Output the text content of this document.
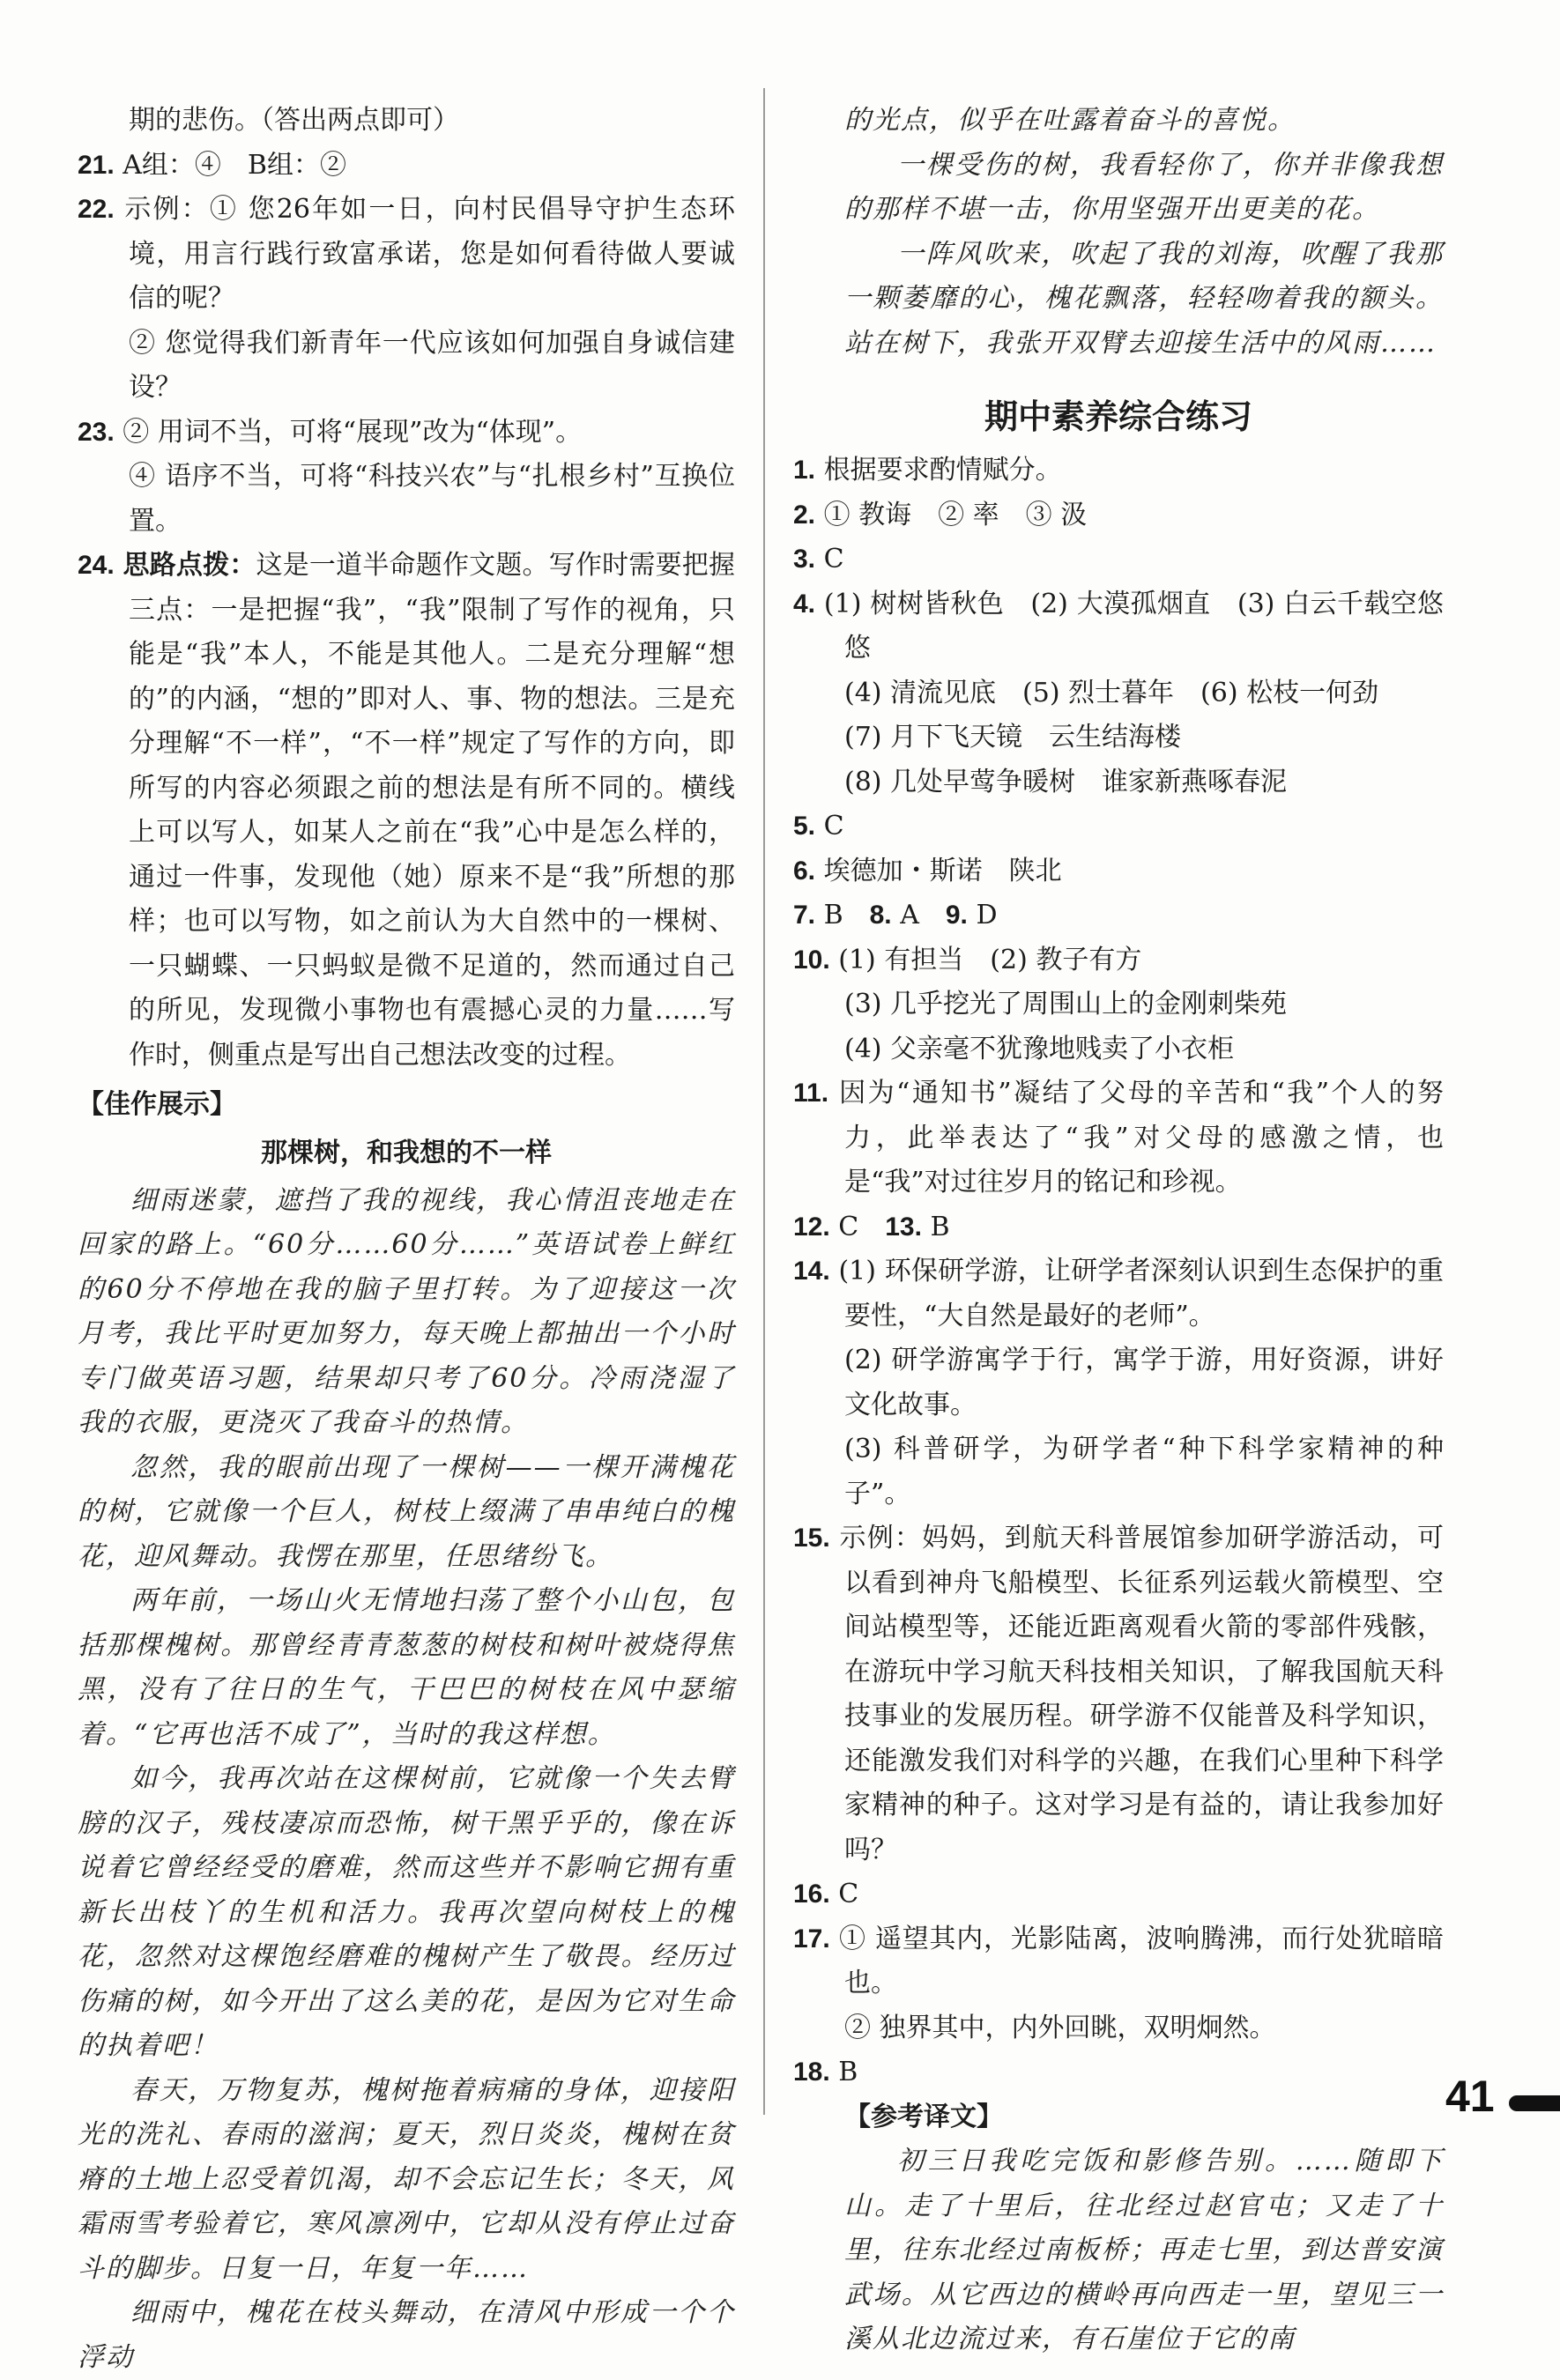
期的悲伤。（答出两点即可）

21. A组：④　B组：②

22. 示例：① 您26年如一日，向村民倡导守护生态环境，用言行践行致富承诺，您是如何看待做人要诚信的呢？

② 您觉得我们新青年一代应该如何加强自身诚信建设？

23. ② 用词不当，可将“展现”改为“体现”。

④ 语序不当，可将“科技兴农”与“扎根乡村”互换位置。

24. 思路点拨：这是一道半命题作文题。写作时需要把握三点：一是把握“我”，“我”限制了写作的视角，只能是“我”本人，不能是其他人。二是充分理解“想的”的内涵，“想的”即对人、事、物的想法。三是充分理解“不一样”，“不一样”规定了写作的方向，即所写的内容必须跟之前的想法是有所不同的。横线上可以写人，如某人之前在“我”心中是怎么样的，通过一件事，发现他（她）原来不是“我”所想的那样；也可以写物，如之前认为大自然中的一棵树、一只蝴蝶、一只蚂蚁是微不足道的，然而通过自己的所见，发现微小事物也有震撼心灵的力量……写作时，侧重点是写出自己想法改变的过程。

【佳作展示】

那棵树，和我想的不一样

细雨迷蒙，遮挡了我的视线，我心情沮丧地走在回家的路上。“60分……60分……”英语试卷上鲜红的60分不停地在我的脑子里打转。为了迎接这一次月考，我比平时更加努力，每天晚上都抽出一个小时专门做英语习题，结果却只考了60分。冷雨浇湿了我的衣服，更浇灭了我奋斗的热情。

忽然，我的眼前出现了一棵树——一棵开满槐花的树，它就像一个巨人，树枝上缀满了串串纯白的槐花，迎风舞动。我愣在那里，任思绪纷飞。

两年前，一场山火无情地扫荡了整个小山包，包括那棵槐树。那曾经青青葱葱的树枝和树叶被烧得焦黑，没有了往日的生气，干巴巴的树枝在风中瑟缩着。“它再也活不成了”，当时的我这样想。

如今，我再次站在这棵树前，它就像一个失去臂膀的汉子，残枝凄凉而恐怖，树干黑乎乎的，像在诉说着它曾经经受的磨难，然而这些并不影响它拥有重新长出枝丫的生机和活力。我再次望向树枝上的槐花，忽然对这棵饱经磨难的槐树产生了敬畏。经历过伤痛的树，如今开出了这么美的花，是因为它对生命的执着吧！

春天，万物复苏，槐树拖着病痛的身体，迎接阳光的洗礼、春雨的滋润；夏天，烈日炎炎，槐树在贫瘠的土地上忍受着饥渴，却不会忘记生长；冬天，风霜雨雪考验着它，寒风凛冽中，它却从没有停止过奋斗的脚步。日复一日，年复一年……

细雨中，槐花在枝头舞动，在清风中形成一个个浮动

的光点，似乎在吐露着奋斗的喜悦。

一棵受伤的树，我看轻你了，你并非像我想的那样不堪一击，你用坚强开出更美的花。

一阵风吹来，吹起了我的刘海，吹醒了我那一颗萎靡的心，槐花飘落，轻轻吻着我的额头。站在树下，我张开双臂去迎接生活中的风雨……

期中素养综合练习

1. 根据要求酌情赋分。

2. ① 教诲　② 率　③ 汲

3. C

4. (1) 树树皆秋色　(2) 大漠孤烟直　(3) 白云千载空悠悠

(4) 清流见底　(5) 烈士暮年　(6) 松枝一何劲

(7) 月下飞天镜　云生结海楼

(8) 几处早莺争暖树　谁家新燕啄春泥

5. C

6. 埃德加・斯诺　陕北

7. B　 8. A　 9. D

10. (1) 有担当　(2) 教子有方

(3) 几乎挖光了周围山上的金刚刺柴苑

(4) 父亲毫不犹豫地贱卖了小衣柜

11. 因为“通知书”凝结了父母的辛苦和“我”个人的努力，此举表达了“我”对父母的感激之情，也是“我”对过往岁月的铭记和珍视。

12. C　 13. B

14. (1) 环保研学游，让研学者深刻认识到生态保护的重要性，“大自然是最好的老师”。

(2) 研学游寓学于行，寓学于游，用好资源，讲好文化故事。

(3) 科普研学，为研学者“种下科学家精神的种子”。

15. 示例：妈妈，到航天科普展馆参加研学游活动，可以看到神舟飞船模型、长征系列运载火箭模型、空间站模型等，还能近距离观看火箭的零部件残骸，在游玩中学习航天科技相关知识，了解我国航天科技事业的发展历程。研学游不仅能普及科学知识，还能激发我们对科学的兴趣，在我们心里种下科学家精神的种子。这对学习是有益的，请让我参加好吗？

16. C

17. ① 遥望其内，光影陆离，波响腾沸，而行处犹暗暗也。

② 独界其中，内外回眺，双明炯然。

18. B

【参考译文】

初三日我吃完饭和影修告别。……随即下山。走了十里后，往北经过赵官屯；又走了十里，往东北经过南板桥；再走七里，到达普安演武场。从它西边的横岭再向西走一里，望见三一溪从北边流过来，有石崖位于它的南

41
